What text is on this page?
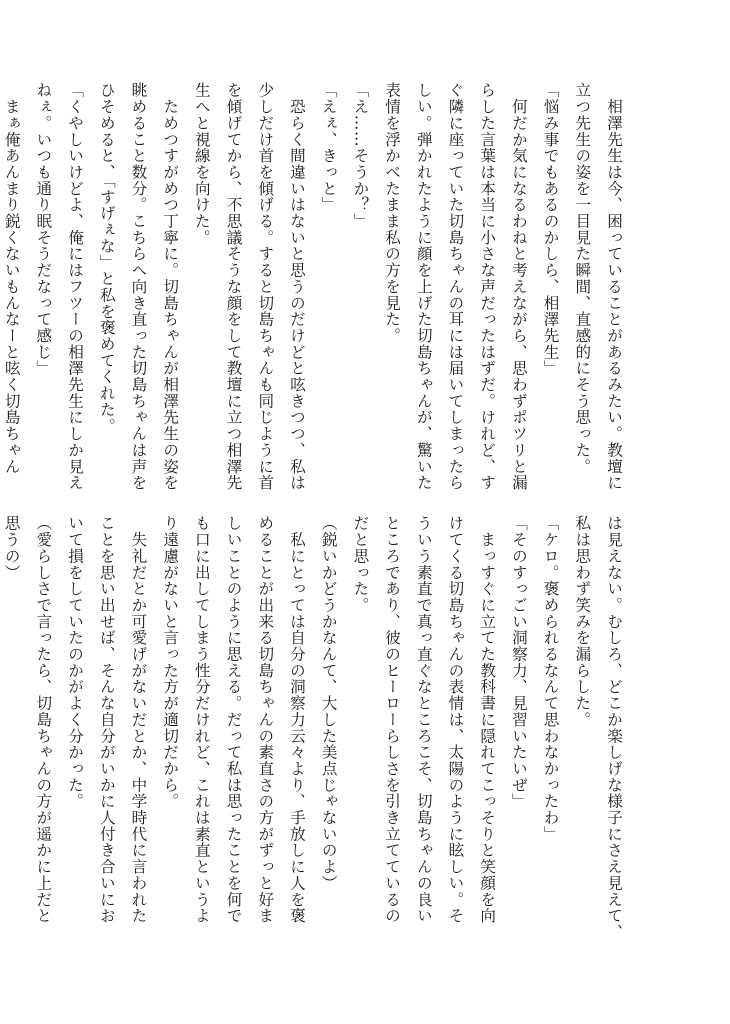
　相澤先生は今、困っていることがあるみたい。教壇に
立つ先生の姿を一目見た瞬間、直感的にそう思った。
「悩み事でもあるのかしら、相澤先生」
　何だか気になるわねと考えながら、思わずポツリと漏
らした言葉は本当に小さな声だったはずだ。けれど、す
ぐ隣に座っていた切島ちゃんの耳には届いてしまったら
しい。弾かれたように顔を上げた切島ちゃんが、驚いた
表情を浮かべたまま私の方を見た。
「え……そうか？」
「えぇ、きっと」
　恐らく間違いはないと思うのだけどと呟きつつ、私は
少しだけ首を傾げる。すると切島ちゃんも同じように首
を傾げてから、不思議そうな顔をして教壇に立つ相澤先
生へと視線を向けた。
　ためつすがめつ丁寧に。切島ちゃんが相澤先生の姿を
眺めること数分。こちらへ向き直った切島ちゃんは声を
ひそめると、「すげぇな」と私を褒めてくれた。
「くやしいけどよ、俺にはフツーの相澤先生にしか見え
ねぇ。いつも通り眠そうだなって感じ」
　まぁ俺あんまり鋭くないもんなーと呟く切島ちゃん
は見えない。むしろ、どこか楽しげな様子にさえ見えて、
私は思わず笑みを漏らした。
「ケロ。褒められるなんて思わなかったわ」
「そのすっごい洞察力、見習いたいぜ」
　まっすぐに立てた教科書に隠れてこっそりと笑顔を向
けてくる切島ちゃんの表情は、太陽のように眩しい。そ
ういう素直で真っ直ぐなところこそ、切島ちゃんの良い
ところであり、彼のヒーローらしさを引き立てているの
だと思った。
（鋭いかどうかなんて、大した美点じゃないのよ）
　私にとっては自分の洞察力云々より、手放しに人を褒
めることが出来る切島ちゃんの素直さの方がずっと好ま
しいことのように思える。だって私は思ったことを何で
も口に出してしまう性分だけれど、これは素直というよ
り遠慮がないと言った方が適切だから。
　失礼だとか可愛げがないだとか、中学時代に言われた
ことを思い出せば、そんな自分がいかに人付き合いにお
いて損をしていたのかがよく分かった。
（愛らしさで言ったら、切島ちゃんの方が遥かに上だと
思うの）
